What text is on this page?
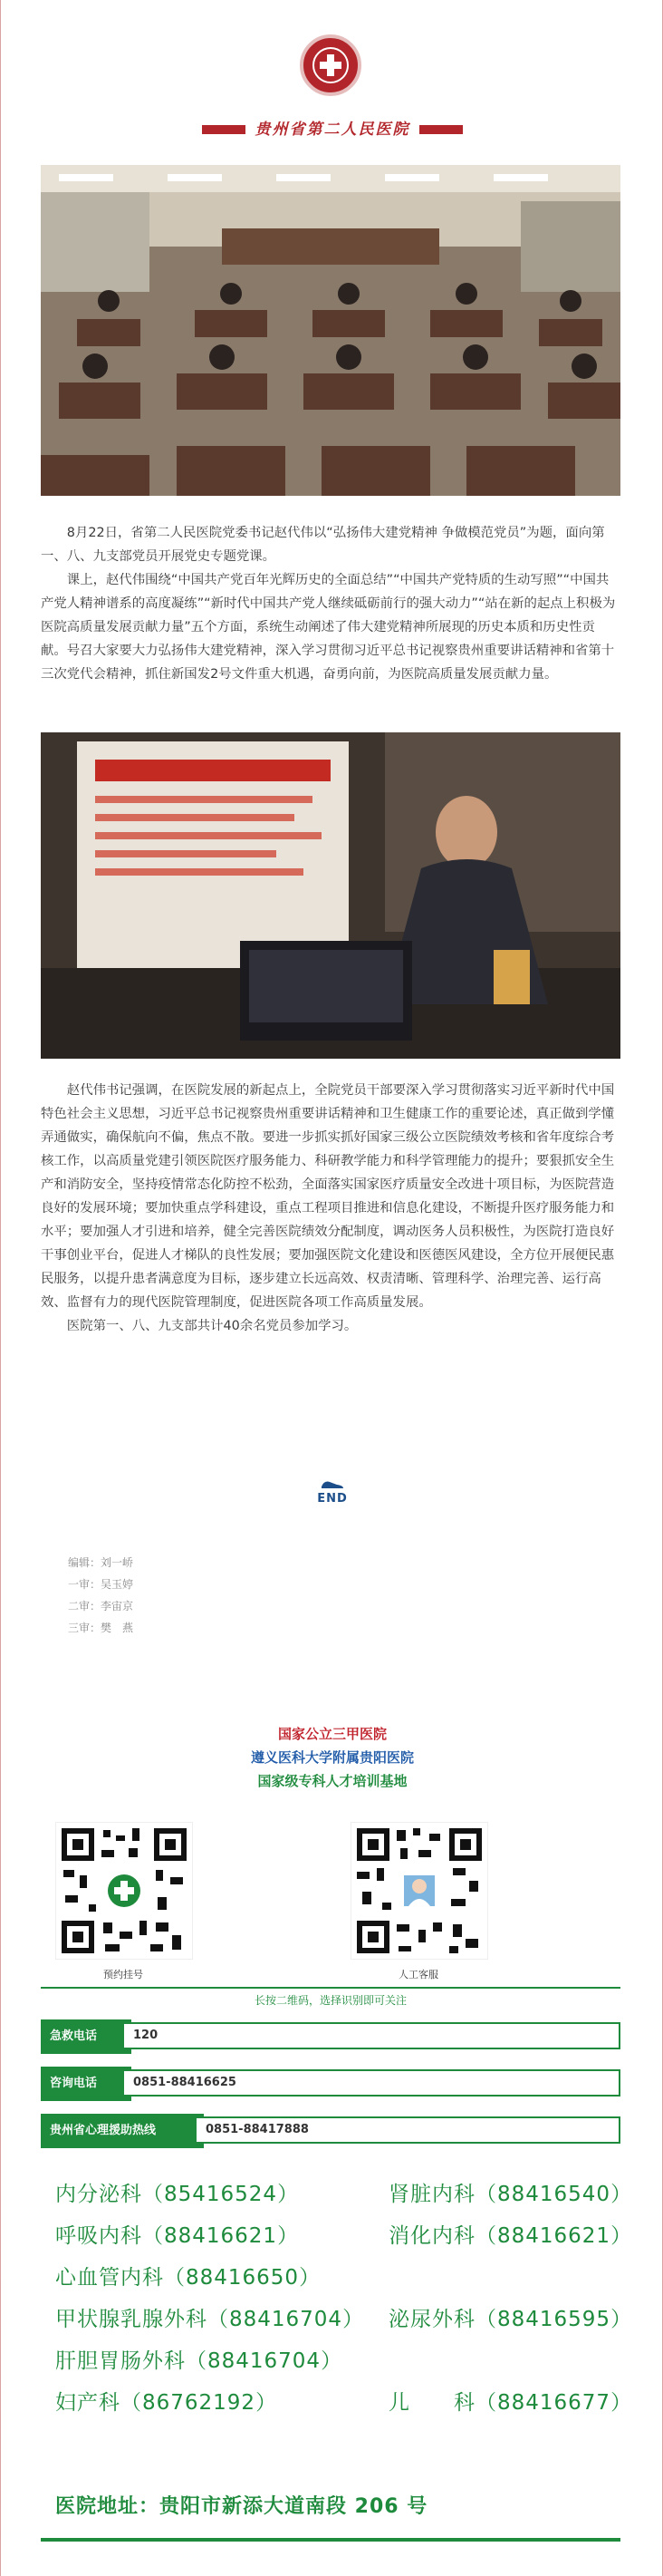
贵州省第二人民医院

8月22日，省第二人民医院党委书记赵代伟以“弘扬伟大建党精神 争做模范党员”为题，面向第一、八、九支部党员开展党史专题党课。

课上，赵代伟围绕“中国共产党百年光辉历史的全面总结”“中国共产党特质的生动写照”“中国共产党人精神谱系的高度凝练”“新时代中国共产党人继续砥砺前行的强大动力”“站在新的起点上积极为医院高质量发展贡献力量”五个方面，系统生动阐述了伟大建党精神所展现的历史本质和历史性贡献。号召大家要大力弘扬伟大建党精神，深入学习贯彻习近平总书记视察贵州重要讲话精神和省第十三次党代会精神，抓住新国发2号文件重大机遇，奋勇向前，为医院高质量发展贡献力量。

赵代伟书记强调，在医院发展的新起点上，全院党员干部要深入学习贯彻落实习近平新时代中国特色社会主义思想，习近平总书记视察贵州重要讲话精神和卫生健康工作的重要论述，真正做到学懂弄通做实，确保航向不偏，焦点不散。要进一步抓实抓好国家三级公立医院绩效考核和省年度综合考核工作，以高质量党建引领医院医疗服务能力、科研教学能力和科学管理能力的提升；要狠抓安全生产和消防安全，坚持疫情常态化防控不松劲，全面落实国家医疗质量安全改进十项目标，为医院营造良好的发展环境；要加快重点学科建设，重点工程项目推进和信息化建设，不断提升医疗服务能力和水平；要加强人才引进和培养，健全完善医院绩效分配制度，调动医务人员积极性，为医院打造良好干事创业平台，促进人才梯队的良性发展；要加强医院文化建设和医德医风建设，全方位开展便民惠民服务，以提升患者满意度为目标，逐步建立长远高效、权责清晰、管理科学、治理完善、运行高效、监督有力的现代医院管理制度，促进医院各项工作高质量发展。

医院第一、八、九支部共计40余名党员参加学习。

END
编辑：刘一峤
一审：吴玉婷
二审：李宙京
三审：樊　燕
国家公立三甲医院
遵义医科大学附属贵阳医院
国家级专科人才培训基地
预约挂号	人工客服
长按二维码，选择识别即可关注
急救电话	120
咨询电话	0851-88416625
贵州省心理援助热线	0851-88417888
内分泌科（85416524）	肾脏内科（88416540）
呼吸内科（88416621）	消化内科（88416621）
心血管内科（88416650）
甲状腺乳腺外科（88416704） 泌尿外科（88416595）
肝胆胃肠外科（88416704）
妇产科（86762192）	儿　　科（88416677）
医院地址：贵阳市新添大道南段 206 号
